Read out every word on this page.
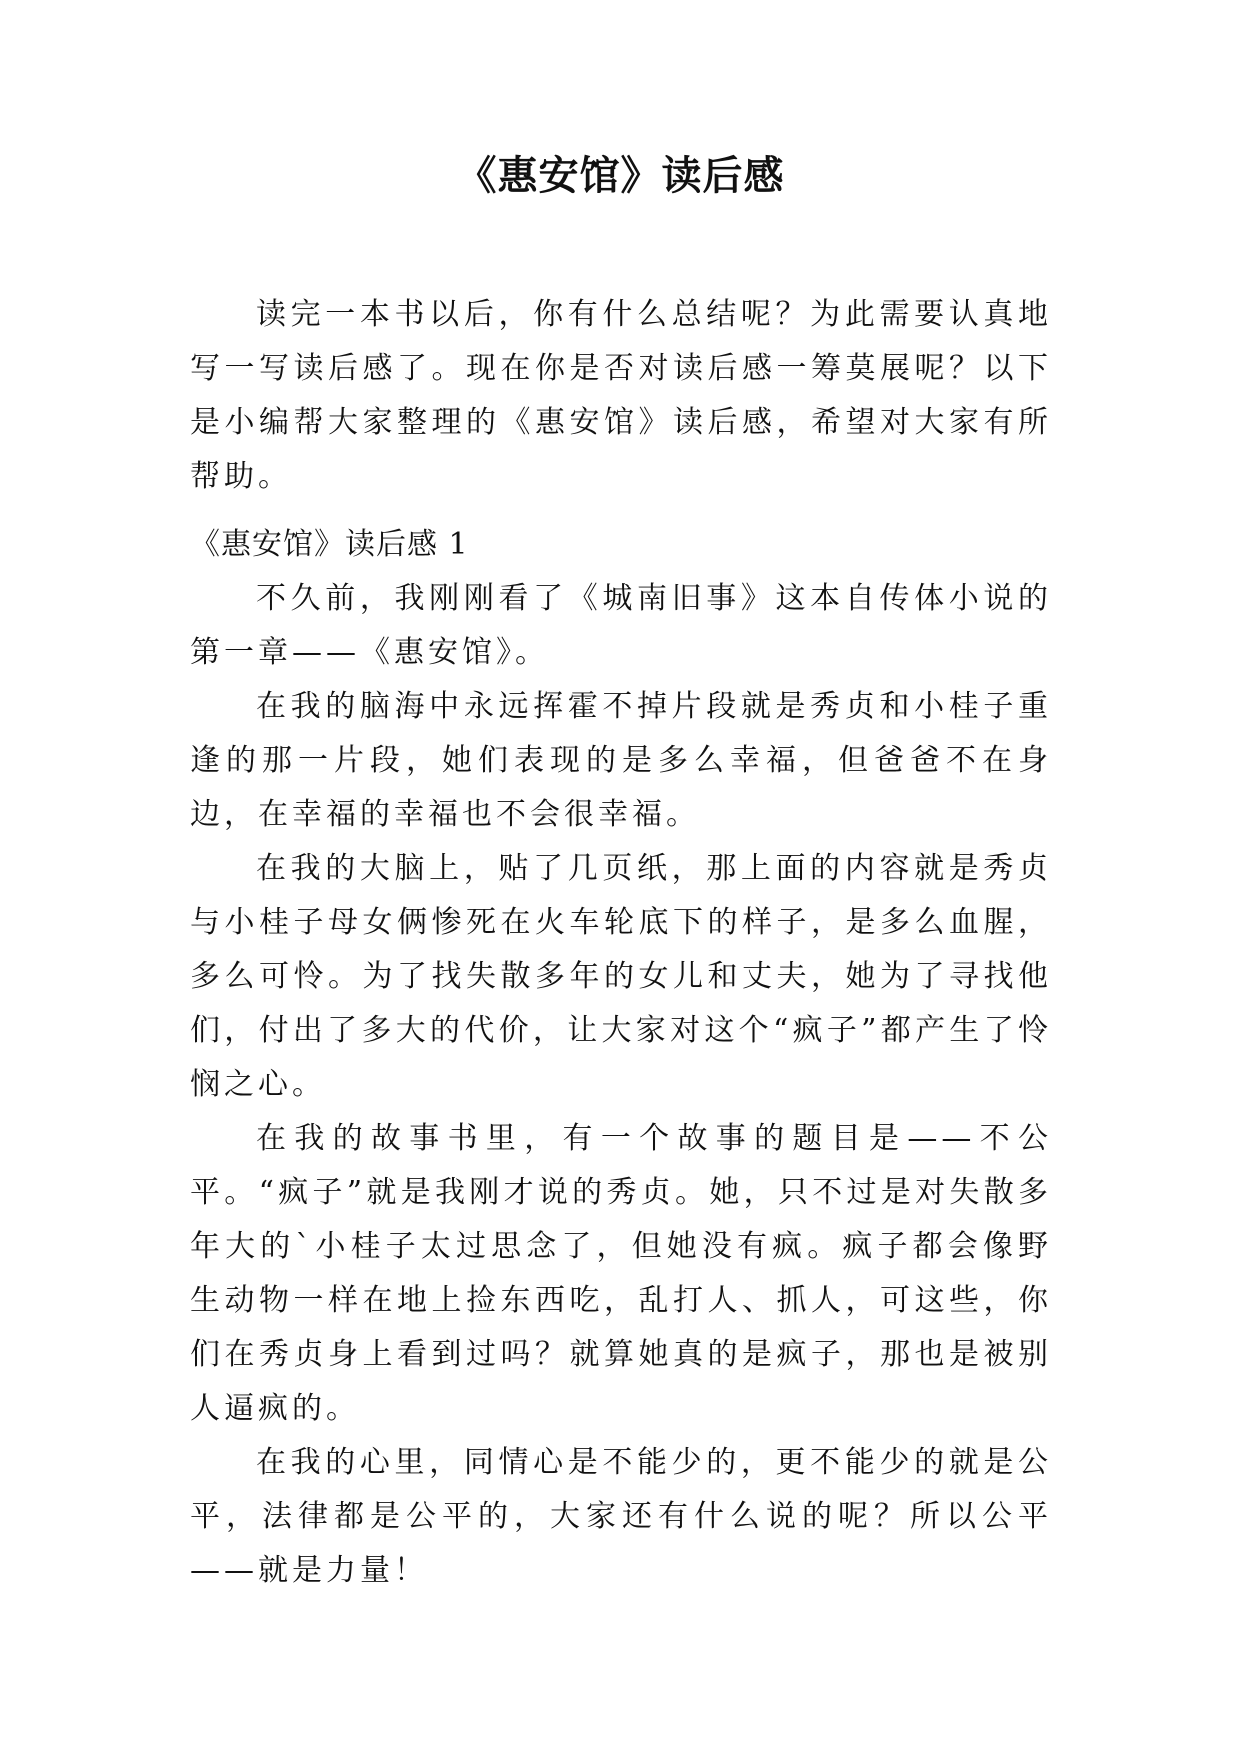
《惠安馆》读后感

读完一本书以后，你有什么总结呢？为此需要认真地写一写读后感了。现在你是否对读后感一筹莫展呢？以下是小编帮大家整理的《惠安馆》读后感，希望对大家有所帮助。

《惠安馆》读后感 1

不久前，我刚刚看了《城南旧事》这本自传体小说的第一章——《惠安馆》。

在我的脑海中永远挥霍不掉片段就是秀贞和小桂子重逢的那一片段，她们表现的是多么幸福，但爸爸不在身边，在幸福的幸福也不会很幸福。

在我的大脑上，贴了几页纸，那上面的内容就是秀贞与小桂子母女俩惨死在火车轮底下的样子，是多么血腥，多么可怜。为了找失散多年的女儿和丈夫，她为了寻找他们，付出了多大的代价，让大家对这个“疯子”都产生了怜悯之心。

在我的故事书里，有一个故事的题目是——不公平。“疯子”就是我刚才说的秀贞。她，只不过是对失散多年大的`小桂子太过思念了，但她没有疯。疯子都会像野生动物一样在地上捡东西吃，乱打人、抓人，可这些，你们在秀贞身上看到过吗？就算她真的是疯子，那也是被别人逼疯的。

在我的心里，同情心是不能少的，更不能少的就是公平，法律都是公平的，大家还有什么说的呢？所以公平——就是力量！
